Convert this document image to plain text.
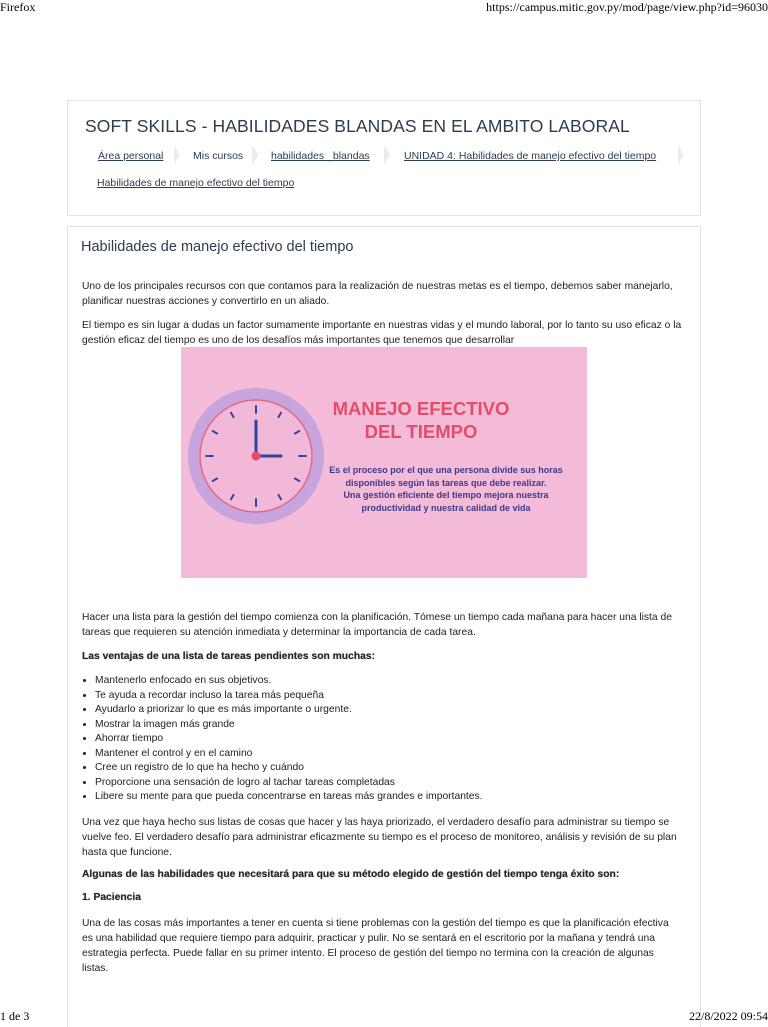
Firefox	https://campus.mitic.gov.py/mod/page/view.php?id=96030
SOFT SKILLS - HABILIDADES BLANDAS EN EL AMBITO LABORAL
Área personal	Mis cursos	habilidades _blandas	UNIDAD 4: Habilidades de manejo efectivo del tiempo
Habilidades de manejo efectivo del tiempo
Habilidades de manejo efectivo del tiempo
Uno de los principales recursos con que contamos para la realización de nuestras metas es el tiempo, debemos saber manejarlo, planificar nuestras acciones y convertirlo en un aliado.
El tiempo es sin lugar a dudas un factor sumamente importante en nuestras vidas y el mundo laboral, por lo tanto su uso eficaz o la gestión eficaz del tiempo es uno de los desafíos más importantes que tenemos que desarrollar
MANEJO EFECTIVO DEL TIEMPO
Es el proceso por el que una persona divide sus horas disponibles según las tareas que debe realizar.
Una gestión eficiente del tiempo mejora nuestra productividad y nuestra calidad de vida
Hacer una lista para la gestión del tiempo comienza con la planificación. Tómese un tiempo cada mañana para hacer una lista de tareas que requieren su atención inmediata y determinar la importancia de cada tarea.
Las ventajas de una lista de tareas pendientes son muchas:
• Mantenerlo enfocado en sus objetivos.
• Te ayuda a recordar incluso la tarea más pequeña
• Ayudarlo a priorizar lo que es más importante o urgente.
• Mostrar la imagen más grande
• Ahorrar tiempo
• Mantener el control y en el camino
• Cree un registro de lo que ha hecho y cuándo
• Proporcione una sensación de logro al tachar tareas completadas
• Libere su mente para que pueda concentrarse en tareas más grandes e importantes.
Una vez que haya hecho sus listas de cosas que hacer y las haya priorizado, el verdadero desafío para administrar su tiempo se vuelve feo. El verdadero desafío para administrar eficazmente su tiempo es el proceso de monitoreo, análisis y revisión de su plan hasta que funcione.
Algunas de las habilidades que necesitará para que su método elegido de gestión del tiempo tenga éxito son:
1. Paciencia
Una de las cosas más importantes a tener en cuenta si tiene problemas con la gestión del tiempo es que la planificación efectiva es una habilidad que requiere tiempo para adquirir, practicar y pulir. No se sentará en el escritorio por la mañana y tendrá una estrategia perfecta. Puede fallar en su primer intento. El proceso de gestión del tiempo no termina con la creación de algunas listas.
1 de 3	22/8/2022 09:54
